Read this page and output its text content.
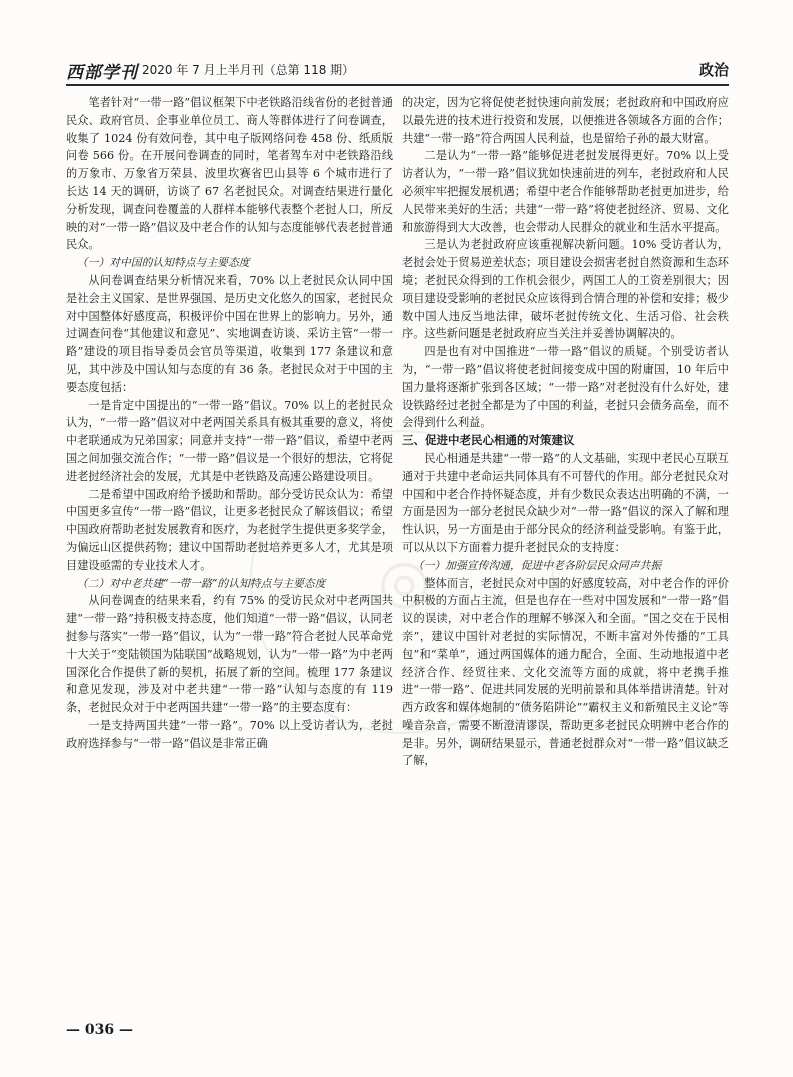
西部学刊 2020 年 7 月上半月刊（总第 118 期）	政治
◎

笔者针对“一带一路”倡议框架下中老铁路沿线省份的老挝普通民众、政府官员、企事业单位员工、商人等群体进行了问卷调查，收集了 1024 份有效问卷，其中电子版网络问卷 458 份、纸质版问卷 566 份。在开展问卷调查的同时，笔者驾车对中老铁路沿线的万象市、万象省万荣县、波里坎赛省巴山县等 6 个城市进行了长达 14 天的调研，访谈了 67 名老挝民众。对调查结果进行量化分析发现，调查问卷覆盖的人群样本能够代表整个老挝人口，所反映的对“一带一路”倡议及中老合作的认知与态度能够代表老挝普通民众。

（一）对中国的认知特点与主要态度

从问卷调查结果分析情况来看，70% 以上老挝民众认同中国是社会主义国家、是世界强国、是历史文化悠久的国家，老挝民众对中国整体好感度高，积极评价中国在世界上的影响力。另外，通过调查问卷“其他建议和意见”、实地调查访谈、采访主管“一带一路”建设的项目指导委员会官员等渠道，收集到 177 条建议和意见，其中涉及中国认知与态度的有 36 条。老挝民众对于中国的主要态度包括：

一是肯定中国提出的“一带一路”倡议。70% 以上的老挝民众认为，“一带一路”倡议对中老两国关系具有极其重要的意义，将使中老联通成为兄弟国家；同意并支持“一带一路”倡议，希望中老两国之间加强交流合作；“一带一路”倡议是一个很好的想法，它将促进老挝经济社会的发展，尤其是中老铁路及高速公路建设项目。

二是希望中国政府给予援助和帮助。部分受访民众认为：希望中国更多宣传“一带一路”倡议，让更多老挝民众了解该倡议；希望中国政府帮助老挝发展教育和医疗，为老挝学生提供更多奖学金，为偏远山区提供药物；建议中国帮助老挝培养更多人才，尤其是项目建设亟需的专业技术人才。

（二）对中老共建“一带一路”的认知特点与主要态度

从问卷调查的结果来看，约有 75% 的受访民众对中老两国共建“一带一路”持积极支持态度，他们知道“一带一路”倡议，认同老挝参与落实“一带一路”倡议，认为“一带一路”符合老挝人民革命党十大关于“变陆锁国为陆联国”战略规划，认为“一带一路”为中老两国深化合作提供了新的契机，拓展了新的空间。梳理 177 条建议和意见发现，涉及对中老共建“一带一路”认知与态度的有 119 条，老挝民众对于中老两国共建“一带一路”的主要态度有：

一是支持两国共建“一带一路”。70% 以上受访者认为，老挝政府选择参与“一带一路”倡议是非常正确

的决定，因为它将促使老挝快速向前发展；老挝政府和中国政府应以最先进的技术进行投资和发展，以便推进各领域各方面的合作；共建“一带一路”符合两国人民利益，也是留给子孙的最大财富。

二是认为“一带一路”能够促进老挝发展得更好。70% 以上受访者认为，“一带一路”倡议犹如快速前进的列车，老挝政府和人民必须牢牢把握发展机遇；希望中老合作能够帮助老挝更加进步，给人民带来美好的生活；共建“一带一路”将使老挝经济、贸易、文化和旅游得到大大改善，也会带动人民群众的就业和生活水平提高。

三是认为老挝政府应该重视解决新问题。10% 受访者认为，老挝会处于贸易逆差状态；项目建设会损害老挝自然资源和生态环境；老挝民众得到的工作机会很少，两国工人的工资差别很大；因项目建设受影响的老挝民众应该得到合情合理的补偿和安排；极少数中国人违反当地法律，破坏老挝传统文化、生活习俗、社会秩序。这些新问题是老挝政府应当关注并妥善协调解决的。

四是也有对中国推进“一带一路”倡议的质疑。个别受访者认为，“一带一路”倡议将使老挝间接变成中国的附庸国，10 年后中国力量将逐渐扩张到各区域；“一带一路”对老挝没有什么好处，建设铁路经过老挝全都是为了中国的利益，老挝只会债务高垒，而不会得到什么利益。

三、促进中老民心相通的对策建议

民心相通是共建“一带一路”的人文基础，实现中老民心互联互通对于共建中老命运共同体具有不可替代的作用。部分老挝民众对中国和中老合作持怀疑态度，并有少数民众表达出明确的不满，一方面是因为一部分老挝民众缺少对“一带一路”倡议的深入了解和理性认识，另一方面是由于部分民众的经济利益受影响。有鉴于此，可以从以下方面着力提升老挝民众的支持度：

（一）加强宣传沟通，促进中老各阶层民众同声共振

整体而言，老挝民众对中国的好感度较高，对中老合作的评价中积极的方面占主流，但是也存在一些对中国发展和“一带一路”倡议的误读，对中老合作的理解不够深入和全面。“国之交在于民相亲”，建议中国针对老挝的实际情况，不断丰富对外传播的“工具包”和“菜单”，通过两国媒体的通力配合，全面、生动地报道中老经济合作、经贸往来、文化交流等方面的成就，将中老携手推进“一带一路”、促进共同发展的光明前景和具体举措讲清楚。针对西方政客和媒体炮制的“债务陷阱论”“霸权主义和新殖民主义论”等噪音杂音，需要不断澄清谬误，帮助更多老挝民众明辨中老合作的是非。另外，调研结果显示，普通老挝群众对“一带一路”倡议缺乏了解，

— 036 —
